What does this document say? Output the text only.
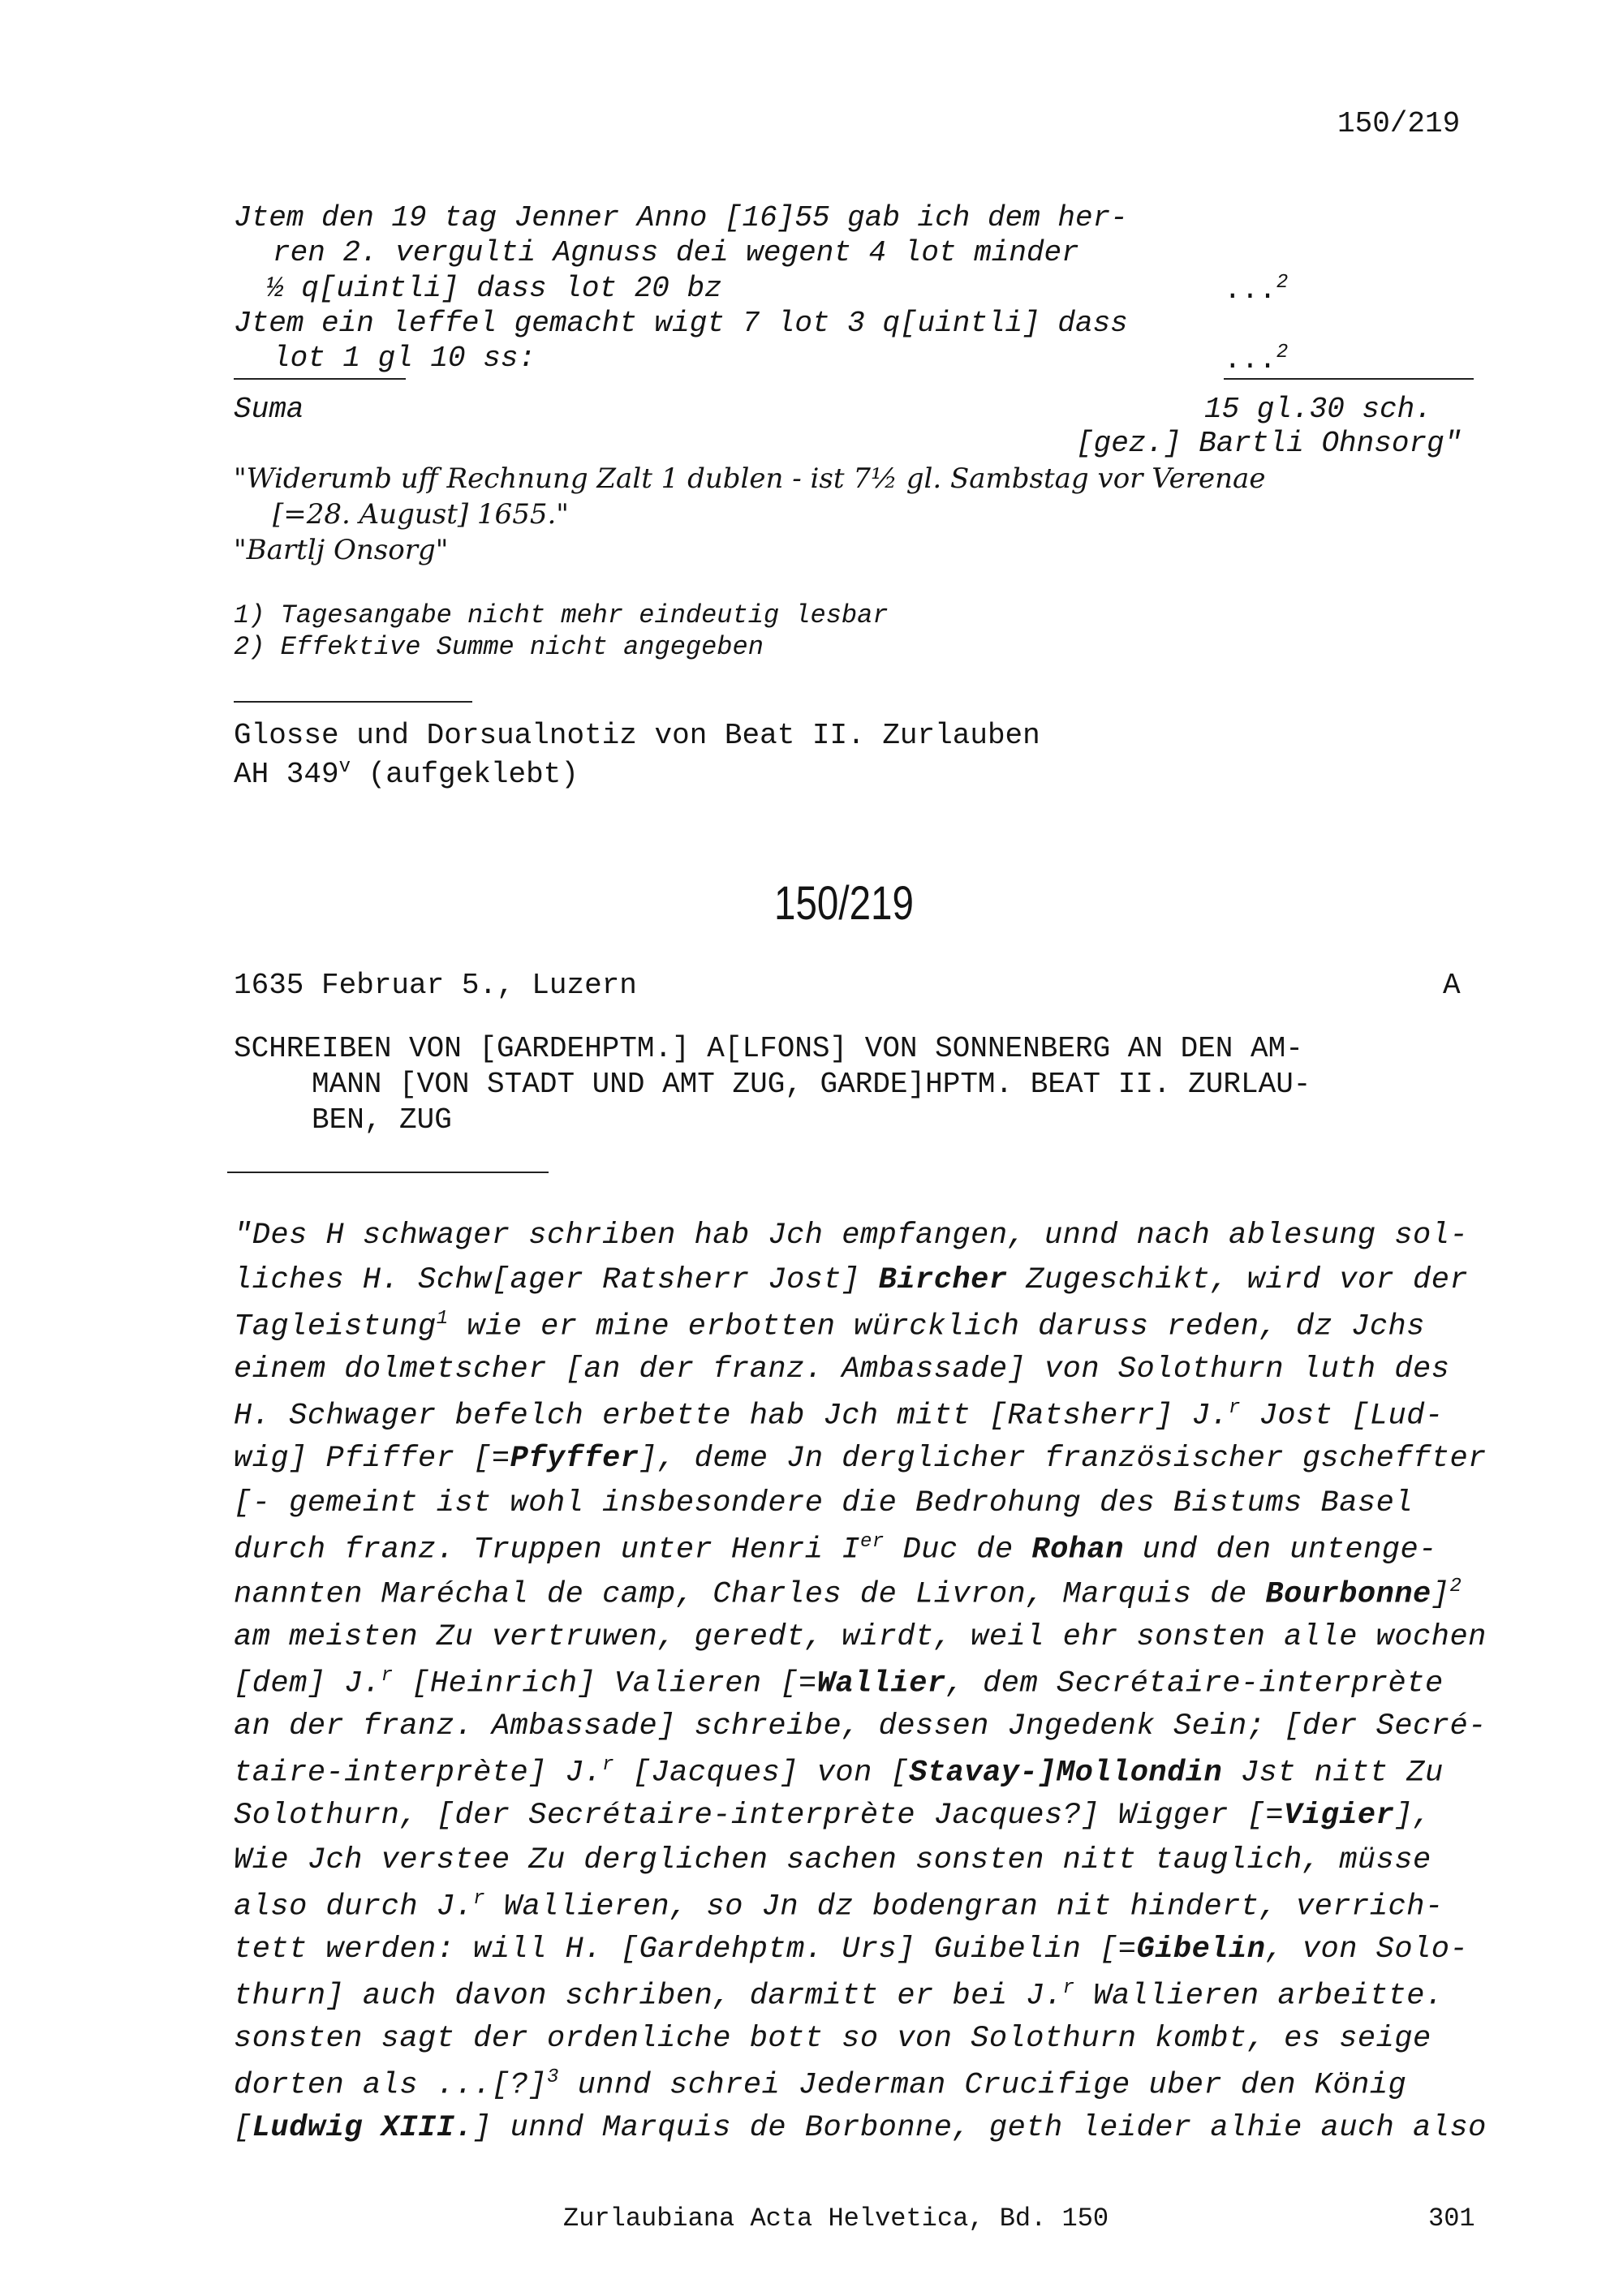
150/219
Jtem den 19 tag Jenner Anno [16]55 gab ich dem her-
ren 2. vergulti Agnuss dei wegent 4 lot minder
½ q[uintli] dass lot 20 bz	...$^2$
Jtem ein leffel gemacht wigt 7 lot 3 q[uintli] dass
lot 1 gl 10 ss:	...$^2$
Suma	15 gl.30 sch.
[gez.] Bartli Ohnsorg"
"Widerumb uff Rechnung Zalt 1 dublen - ist 7½ gl. Sambstag vor Verenae
[=28. August] 1655."
"Bartlj Onsorg"
1) Tagesangabe nicht mehr eindeutig lesbar
2) Effektive Summe nicht angegeben
Glosse und Dorsualnotiz von Beat II. Zurlauben
AH 349$^v$ (aufgeklebt)
150/219
1635 Februar 5., Luzern	A
SCHREIBEN VON [GARDEHPTM.] A[LFONS] VON SONNENBERG AN DEN AM-
MANN [VON STADT UND AMT ZUG, GARDE]HPTM. BEAT II. ZURLAU-
BEN, ZUG
"Des H schwager schriben hab Jch empfangen, unnd nach ablesung sol-
liches H. Schw[ager Ratsherr Jost] Bircher Zugeschikt, wird vor der
Tagleistung$^1$ wie er mine erbotten würcklich daruss reden, dz Jchs
einem dolmetscher [an der franz. Ambassade] von Solothurn luth des
H. Schwager befelch erbette hab Jch mitt [Ratsherr] J.$^r$ Jost [Lud-
wig] Pfiffer [=Pfyffer], deme Jn derglicher französischer gscheffter
[- gemeint ist wohl insbesondere die Bedrohung des Bistums Basel
durch franz. Truppen unter Henri Ier Duc de Rohan und den untenge-
nannten Maréchal de camp, Charles de Livron, Marquis de Bourbonne]$^2$
am meisten Zu vertruwen, geredt, wirdt, weil ehr sonsten alle wochen
[dem] J.$^r$ [Heinrich] Valieren [=Wallier, dem Secrétaire-interprète
an der franz. Ambassade] schreibe, dessen Jngedenk Sein; [der Secré-
taire-interprète] J.$^r$ [Jacques] von [Stavay-]Mollondin Jst nitt Zu
Solothurn, [der Secrétaire-interprète Jacques?] Wigger [=Vigier],
Wie Jch verstee Zu derglichen sachen sonsten nitt tauglich, müsse
also durch J.$^r$ Wallieren, so Jn dz bodengran nit hindert, verrich-
tett werden: will H. [Gardehptm. Urs] Guibelin [=Gibelin, von Solo-
thurn] auch davon schriben, darmitt er bei J.$^r$ Wallieren arbeitte.
sonsten sagt der ordenliche bott so von Solothurn kombt, es seige
dorten als ...[?]$^3$ unnd schrei Jederman Crucifige uber den König
[Ludwig XIII.] unnd Marquis de Borbonne, geth leider alhie auch also
Zurlaubiana Acta Helvetica, Bd. 150	301
